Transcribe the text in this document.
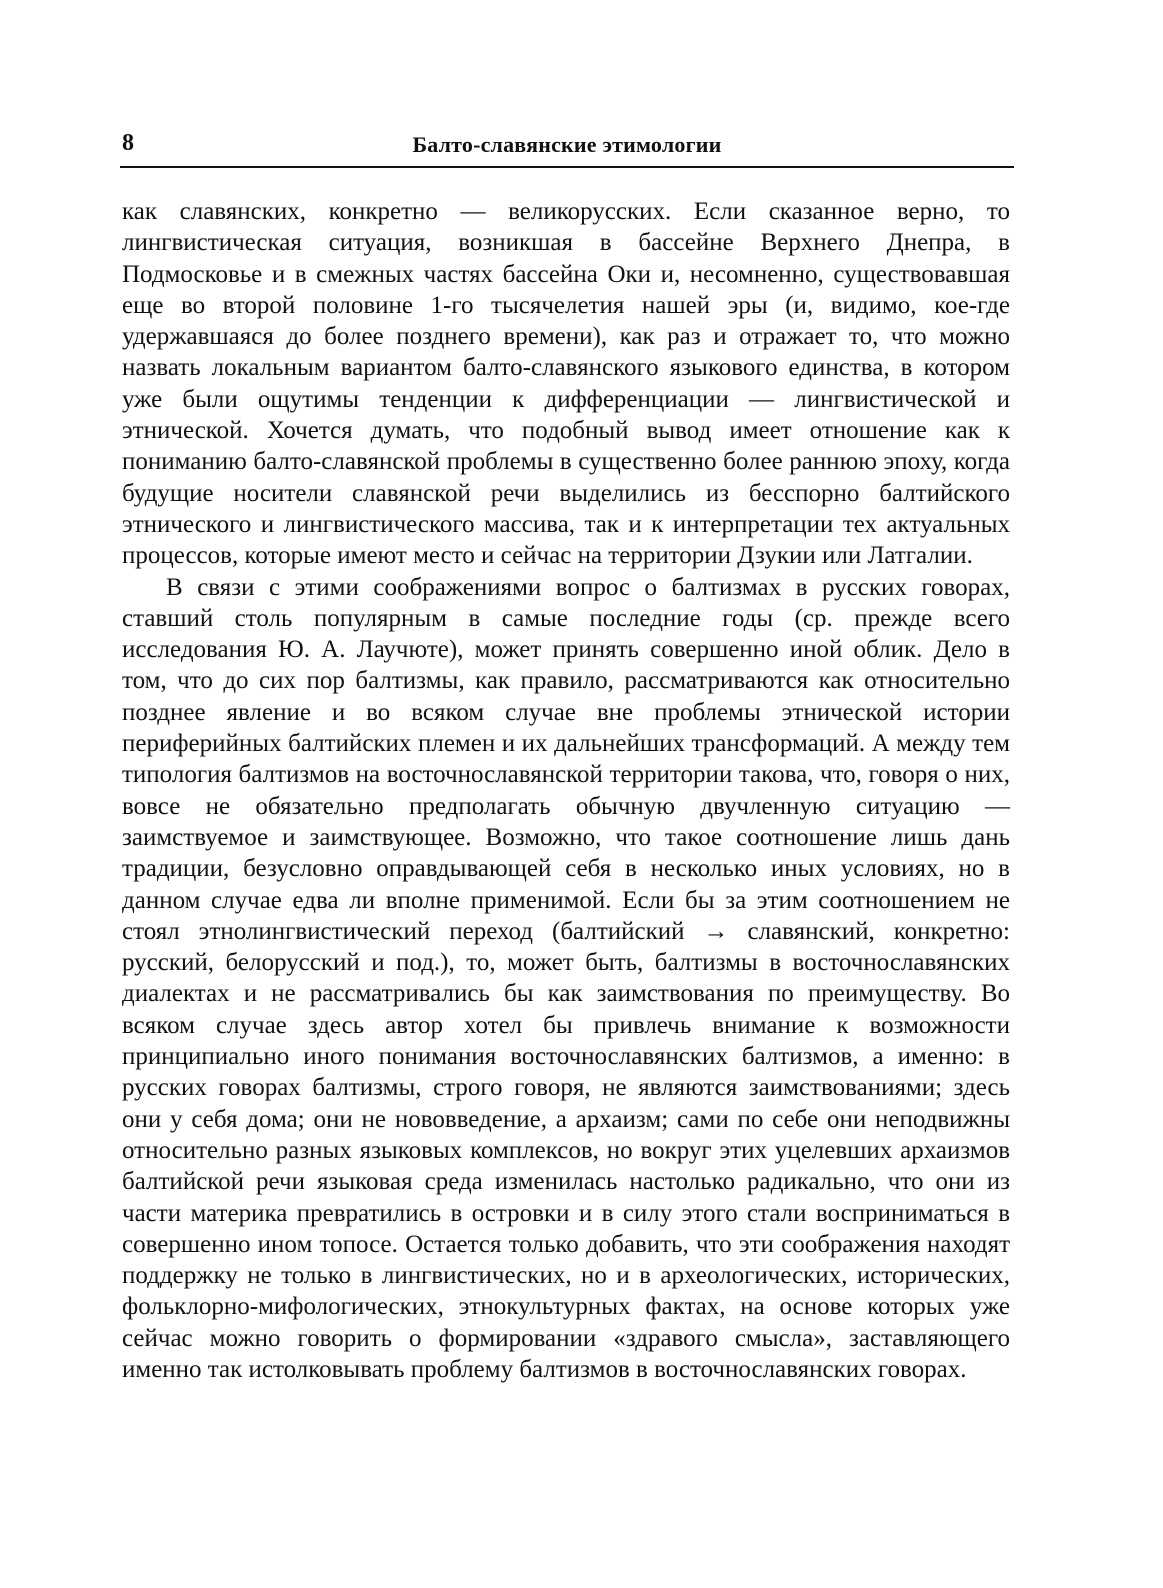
8	Балто-славянские этимологии

как славянских, конкретно — великорусских. Если сказанное верно, то лингвистическая ситуация, возникшая в бассейне Верхнего Днепра, в Подмосковье и в смежных частях бассейна Оки и, несомненно, существовавшая еще во второй половине 1-го тысячелетия нашей эры (и, видимо, кое-где удержавшаяся до более позднего времени), как раз и отражает то, что можно назвать локальным вариантом балто-славянского языкового единства, в котором уже были ощутимы тенденции к дифференциации — лингвистической и этнической. Хочется думать, что подобный вывод имеет отношение как к пониманию балто-славянской проблемы в существенно более раннюю эпоху, когда будущие носители славянской речи выделились из бесспорно балтийского этнического и лингвистического массива, так и к интерпретации тех актуальных процессов, которые имеют место и сейчас на территории Дзукии или Латгалии.

В связи с этими соображениями вопрос о балтизмах в русских говорах, ставший столь популярным в самые последние годы (ср. прежде всего исследования Ю. А. Лаучюте), может принять совершенно иной облик. Дело в том, что до сих пор балтизмы, как правило, рассматриваются как относительно позднее явление и во всяком случае вне проблемы этнической истории периферийных балтийских племен и их дальнейших трансформаций. А между тем типология балтизмов на восточнославянской территории такова, что, говоря о них, вовсе не обязательно предполагать обычную двучленную ситуацию — заимствуемое и заимствующее. Возможно, что такое соотношение лишь дань традиции, безусловно оправдывающей себя в несколько иных условиях, но в данном случае едва ли вполне применимой. Если бы за этим соотношением не стоял этнолингвистический переход (балтийский → славянский, конкретно: русский, белорусский и под.), то, может быть, балтизмы в восточнославянских диалектах и не рассматривались бы как заимствования по преимуществу. Во всяком случае здесь автор хотел бы привлечь внимание к возможности принципиально иного понимания восточнославянских балтизмов, а именно: в русских говорах балтизмы, строго говоря, не являются заимствованиями; здесь они у себя дома; они не нововведение, а архаизм; сами по себе они неподвижны относительно разных языковых комплексов, но вокруг этих уцелевших архаизмов балтийской речи языковая среда изменилась настолько радикально, что они из части материка превратились в островки и в силу этого стали восприниматься в совершенно ином топосе. Остается только добавить, что эти соображения находят поддержку не только в лингвистических, но и в археологических, исторических, фольклорно-мифологических, этнокультурных фактах, на основе которых уже сейчас можно говорить о формировании «здравого смысла», заставляющего именно так истолковывать проблему балтизмов в восточнославянских говорах.
